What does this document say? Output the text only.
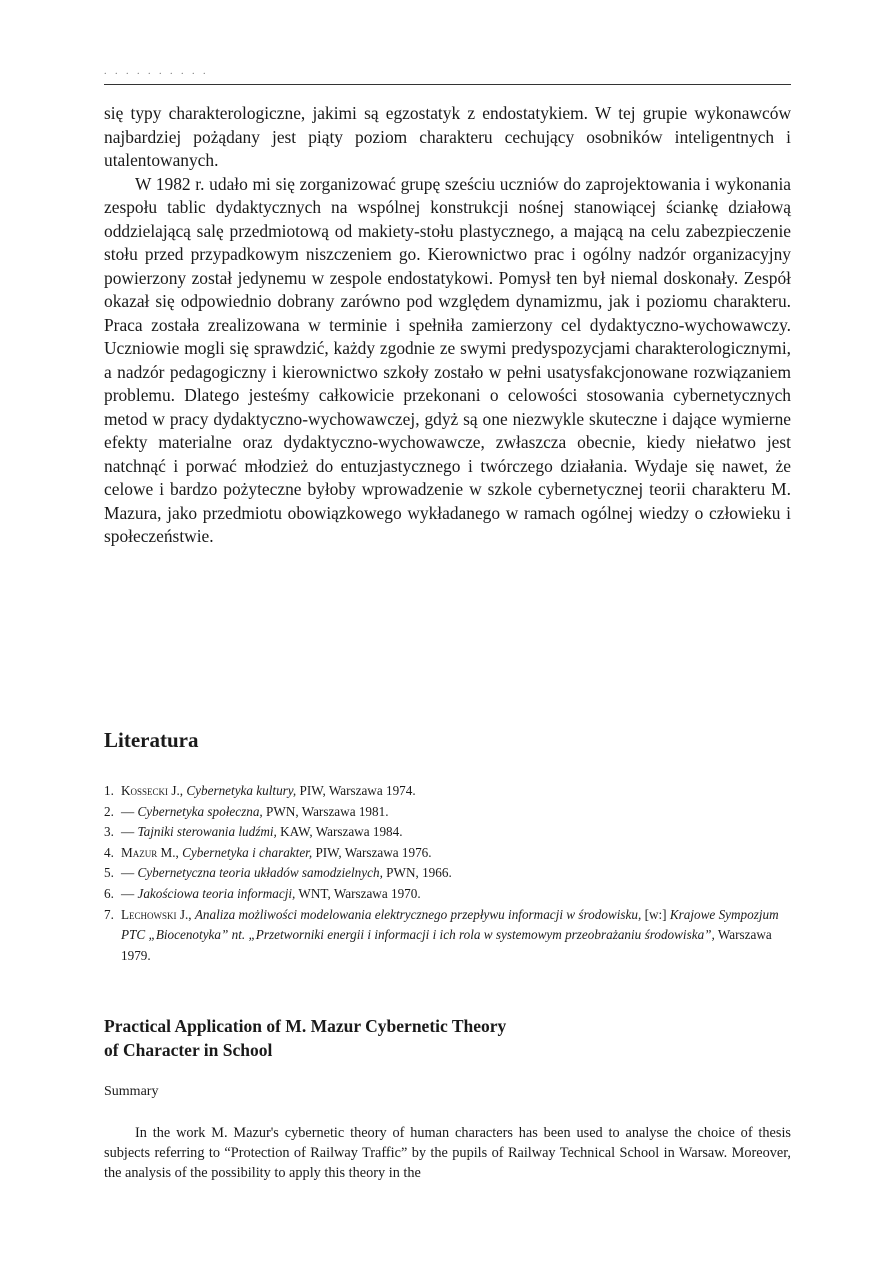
. . . . . . . . . .

się typy charakterologiczne, jakimi są egzostatyk z endostatykiem. W tej grupie wykonawców najbardziej pożądany jest piąty poziom charakteru cechujący osobników inteligentnych i utalentowanych.

W 1982 r. udało mi się zorganizować grupę sześciu uczniów do zaprojektowania i wykonania zespołu tablic dydaktycznych na wspólnej konstrukcji nośnej stanowiącej ściankę działową oddzielającą salę przedmiotową od makiety-stołu plastycznego, a mającą na celu zabezpieczenie stołu przed przypadkowym niszczeniem go. Kierownictwo prac i ogólny nadzór organizacyjny powierzony został jedynemu w zespole endostatykowi. Pomysł ten był niemal doskonały. Zespół okazał się odpowiednio dobrany zarówno pod względem dynamizmu, jak i poziomu charakteru. Praca została zrealizowana w terminie i spełniła zamierzony cel dydaktyczno-wychowawczy. Uczniowie mogli się sprawdzić, każdy zgodnie ze swymi predyspozycjami charakterologicznymi, a nadzór pedagogiczny i kierownictwo szkoły zostało w pełni usatysfakcjonowane rozwiązaniem problemu. Dlatego jesteśmy całkowicie przekonani o celowości stosowania cybernetycznych metod w pracy dydaktyczno-wychowawczej, gdyż są one niezwykle skuteczne i dające wymierne efekty materialne oraz dydaktyczno-wychowawcze, zwłaszcza obecnie, kiedy niełatwo jest natchnąć i porwać młodzież do entuzjastycznego i twórczego działania. Wydaje się nawet, że celowe i bardzo pożyteczne byłoby wprowadzenie w szkole cybernetycznej teorii charakteru M. Mazura, jako przedmiotu obowiązkowego wykładanego w ramach ogólnej wiedzy o człowieku i społeczeństwie.

Literatura
1. Kossecki J., Cybernetyka kultury, PIW, Warszawa 1974.
2. — Cybernetyka społeczna, PWN, Warszawa 1981.
3. — Tajniki sterowania ludźmi, KAW, Warszawa 1984.
4. Mazur M., Cybernetyka i charakter, PIW, Warszawa 1976.
5. — Cybernetyczna teoria układów samodzielnych, PWN, 1966.
6. — Jakościowa teoria informacji, WNT, Warszawa 1970.
7. Lechowski J., Analiza możliwości modelowania elektrycznego przepływu informacji w środowisku, [w:] Krajowe Sympozjum PTC „Biocenotyka” nt. „Przetworniki energii i informacji i ich rola w systemowym przeobrażaniu środowiska”, Warszawa 1979.
Practical Application of M. Mazur Cybernetic Theory
of Character in School
Summary

In the work M. Mazur's cybernetic theory of human characters has been used to analyse the choice of thesis subjects referring to “Protection of Railway Traffic” by the pupils of Railway Technical School in Warsaw. Moreover, the analysis of the possibility to apply this theory in the
